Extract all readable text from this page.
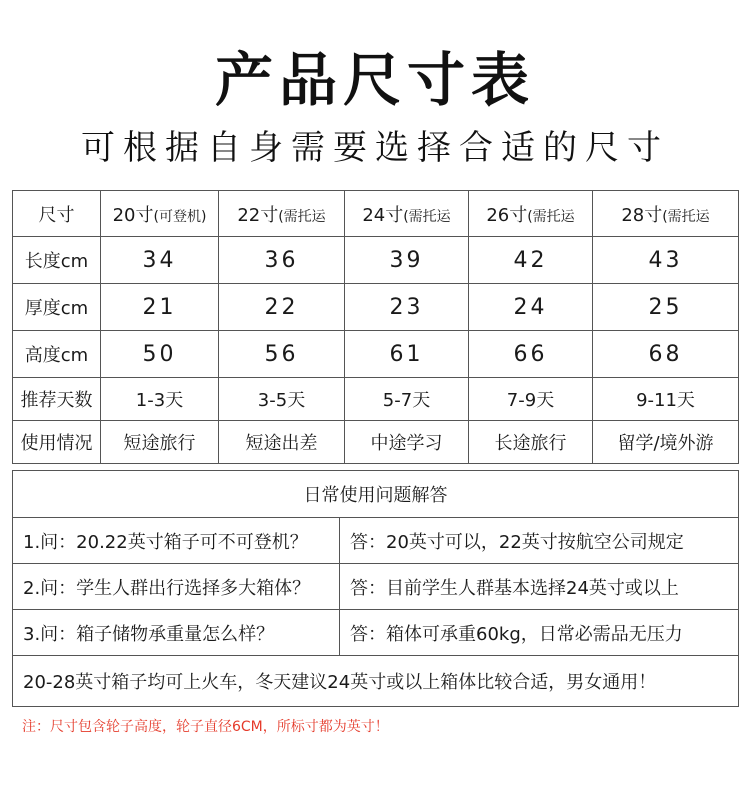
产品尺寸表
可根据自身需要选择合适的尺寸
尺寸	20寸(可登机)	22寸(需托运	24寸(需托运	26寸(需托运	28寸(需托运
长度cm	34	36	39	42	43
厚度cm	21	22	23	24	25
高度cm	50	56	61	66	68
推荐天数	1-3天	3-5天	5-7天	7-9天	9-11天
使用情况	短途旅行	短途出差	中途学习	长途旅行	留学/境外游
日常使用问题解答	
1.问：20.22英寸箱子可不可登机？	答：20英寸可以，22英寸按航空公司规定
2.问：学生人群出行选择多大箱体？	答：目前学生人群基本选择24英寸或以上
3.问：箱子储物承重量怎么样？	答：箱体可承重60kg，日常必需品无压力
20-28英寸箱子均可上火车，冬天建议24英寸或以上箱体比较合适，男女通用！	
注：尺寸包含轮子高度，轮子直径6CM，所标寸都为英寸！
